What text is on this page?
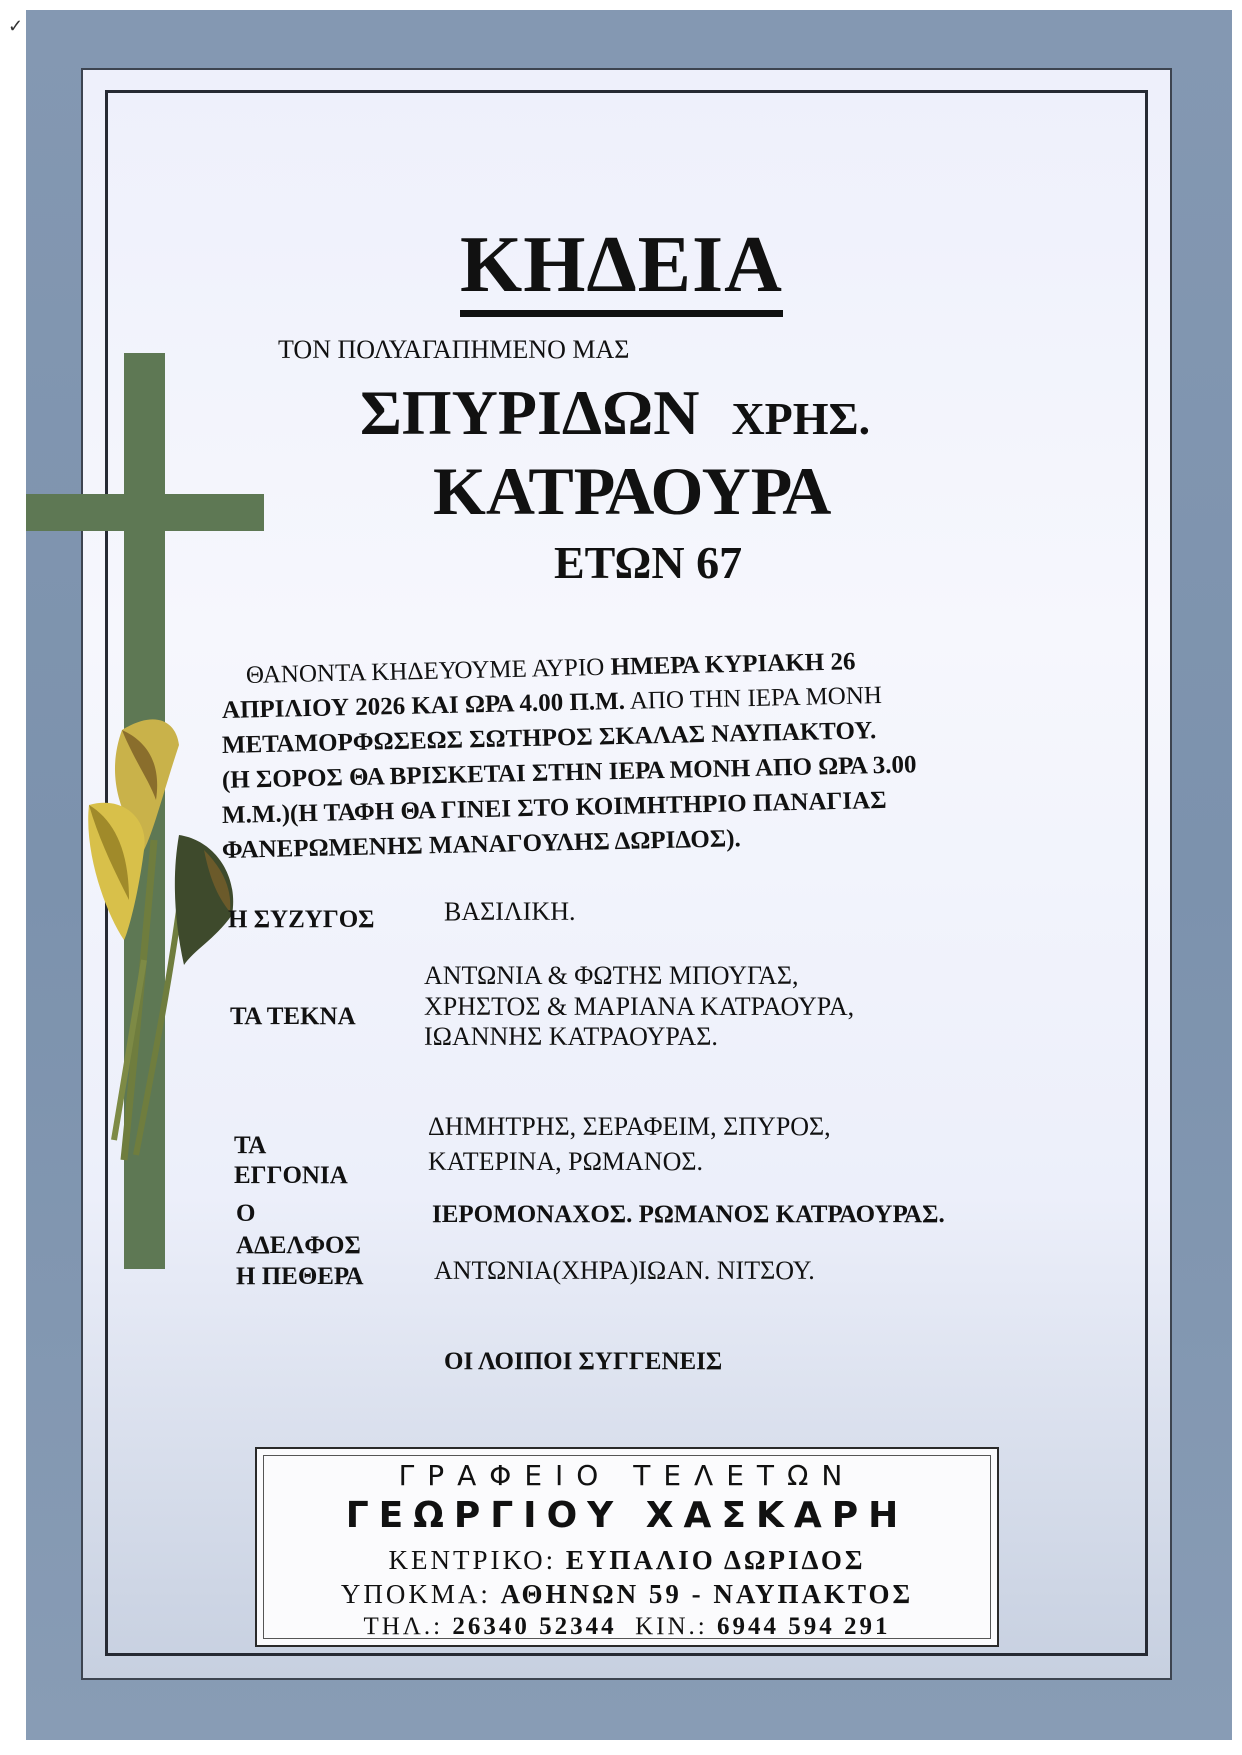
✓
ΚΗΔΕΙΑ
ΤΟΝ ΠΟΛΥΑΓΑΠΗΜΕΝΟ ΜΑΣ
ΣΠΥΡΙΔΩΝ ΧΡΗΣ.
ΚΑΤΡΑΟΥΡΑ
ΕΤΩΝ 67
ΘΑΝΟΝΤΑ ΚΗΔΕΥΟΥΜΕ ΑΥΡΙΟ ΗΜΕΡΑ ΚΥΡΙΑΚΗ 26
ΑΠΡΙΛΙΟΥ 2026 ΚΑΙ ΩΡΑ 4.00 Π.Μ. ΑΠΟ ΤΗΝ ΙΕΡΑ ΜΟΝΗ
ΜΕΤΑΜΟΡΦΩΣΕΩΣ ΣΩΤΗΡΟΣ ΣΚΑΛΑΣ ΝΑΥΠΑΚΤΟΥ.
(Η ΣΟΡΟΣ ΘΑ ΒΡΙΣΚΕΤΑΙ ΣΤΗΝ ΙΕΡΑ ΜΟΝΗ ΑΠΟ ΩΡΑ 3.00
Μ.Μ.)(Η ΤΑΦΗ ΘΑ ΓΙΝΕΙ ΣΤΟ ΚΟΙΜΗΤΗΡΙΟ ΠΑΝΑΓΙΑΣ
ΦΑΝΕΡΩΜΕΝΗΣ ΜΑΝΑΓΟΥΛΗΣ ΔΩΡΙΔΟΣ).
Η ΣΥΖΥΓΟΣ	ΒΑΣΙΛΙΚΗ.
ΤΑ ΤΕΚΝΑ
ΑΝΤΩΝΙΑ & ΦΩΤΗΣ ΜΠΟΥΓΑΣ,
ΧΡΗΣΤΟΣ & ΜΑΡΙΑΝΑ ΚΑΤΡΑΟΥΡΑ,
ΙΩΑΝΝΗΣ ΚΑΤΡΑΟΥΡΑΣ.
ΤΑ
ΕΓΓΟΝΙΑ
ΔΗΜΗΤΡΗΣ, ΣΕΡΑΦΕΙΜ, ΣΠΥΡΟΣ,
ΚΑΤΕΡΙΝΑ, ΡΩΜΑΝΟΣ.
Ο
ΑΔΕΛΦΟΣ
ΙΕΡΟΜΟΝΑΧΟΣ. ΡΩΜΑΝΟΣ ΚΑΤΡΑΟΥΡΑΣ.
Η ΠΕΘΕΡΑ	ΑΝΤΩΝΙΑ(ΧΗΡΑ)ΙΩΑΝ. ΝΙΤΣΟΥ.
ΟΙ ΛΟΙΠΟΙ ΣΥΓΓΕΝΕΙΣ
ΓΡΑΦΕΙΟ ΤΕΛΕΤΩΝ
ΓΕΩΡΓΙΟΥ ΧΑΣΚΑΡΗ
ΚΕΝΤΡΙΚΟ: ΕΥΠΑΛΙΟ ΔΩΡΙΔΟΣ
ΥΠΟΚΜΑ: ΑΘΗΝΩΝ 59 - ΝΑΥΠΑΚΤΟΣ
ΤΗΛ.: 26340 52344  ΚΙΝ.: 6944 594 291
